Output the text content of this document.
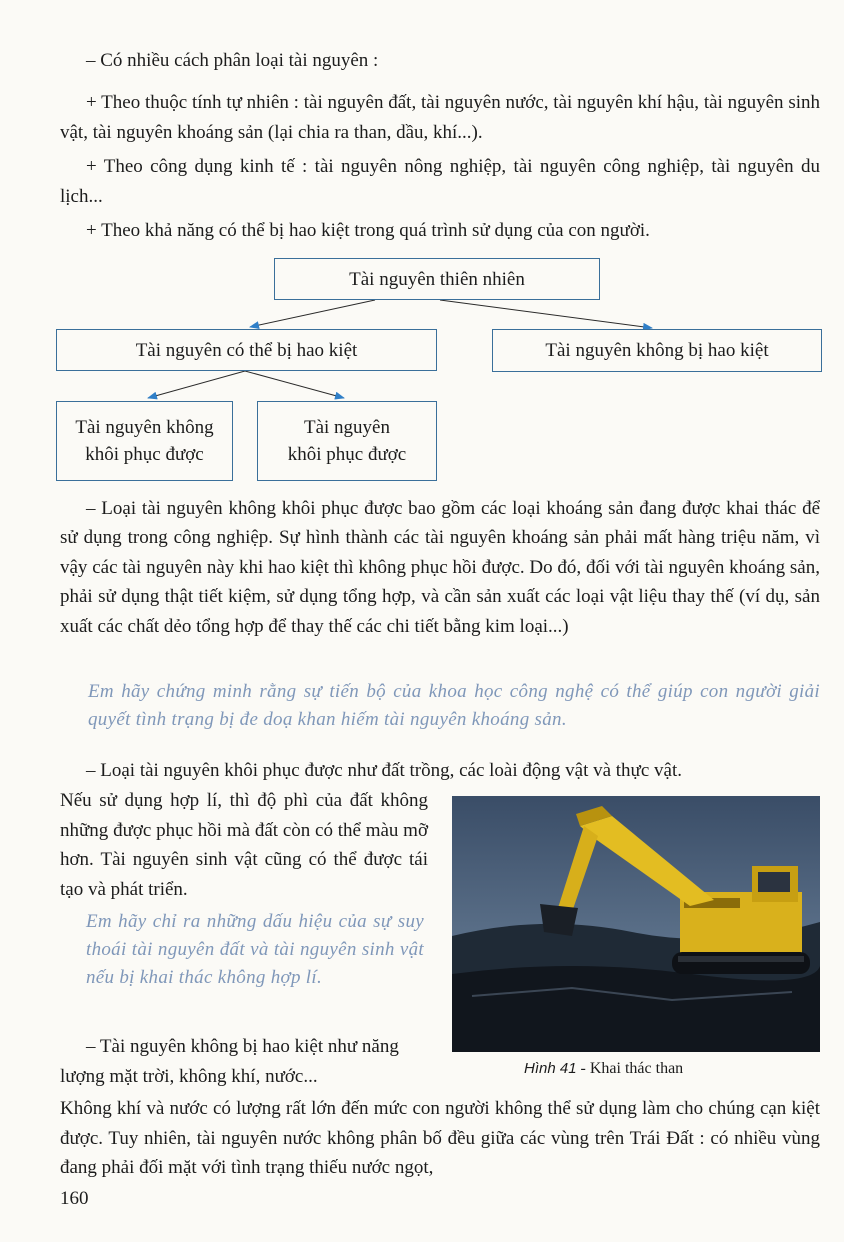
– Có nhiều cách phân loại tài nguyên :

+ Theo thuộc tính tự nhiên : tài nguyên đất, tài nguyên nước, tài nguyên khí hậu, tài nguyên sinh vật, tài nguyên khoáng sản (lại chia ra than, dầu, khí...).

+ Theo công dụng kinh tế : tài nguyên nông nghiệp, tài nguyên công nghiệp, tài nguyên du lịch...

+ Theo khả năng có thể bị hao kiệt trong quá trình sử dụng của con người.

Tài nguyên thiên nhiên
Tài nguyên có thể bị hao kiệt	Tài nguyên không bị hao kiệt
Tài nguyên không
khôi phục được
Tài nguyên
khôi phục được

– Loại tài nguyên không khôi phục được bao gồm các loại khoáng sản đang được khai thác để sử dụng trong công nghiệp. Sự hình thành các tài nguyên khoáng sản phải mất hàng triệu năm, vì vậy các tài nguyên này khi hao kiệt thì không phục hồi được. Do đó, đối với tài nguyên khoáng sản, phải sử dụng thật tiết kiệm, sử dụng tổng hợp, và cần sản xuất các loại vật liệu thay thế (ví dụ, sản xuất các chất dẻo tổng hợp để thay thế các chi tiết bằng kim loại...)

Em hãy chứng minh rằng sự tiến bộ của khoa học công nghệ có thể giúp con người giải quyết tình trạng bị đe doạ khan hiếm tài nguyên khoáng sản.

– Loại tài nguyên khôi phục được như đất trồng, các loài động vật và thực vật.

Nếu sử dụng hợp lí, thì độ phì của đất không những được phục hồi mà đất còn có thể màu mỡ hơn. Tài nguyên sinh vật cũng có thể được tái tạo và phát triển.

Em hãy chỉ ra những dấu hiệu của sự suy thoái tài nguyên đất và tài nguyên sinh vật nếu bị khai thác không hợp lí.

– Tài nguyên không bị hao kiệt như năng lượng mặt trời, không khí, nước...	Hình 41 - Khai thác than

Không khí và nước có lượng rất lớn đến mức con người không thể sử dụng làm cho chúng cạn kiệt được. Tuy nhiên, tài nguyên nước không phân bố đều giữa các vùng trên Trái Đất : có nhiều vùng đang phải đối mặt với tình trạng thiếu nước ngọt,

160
